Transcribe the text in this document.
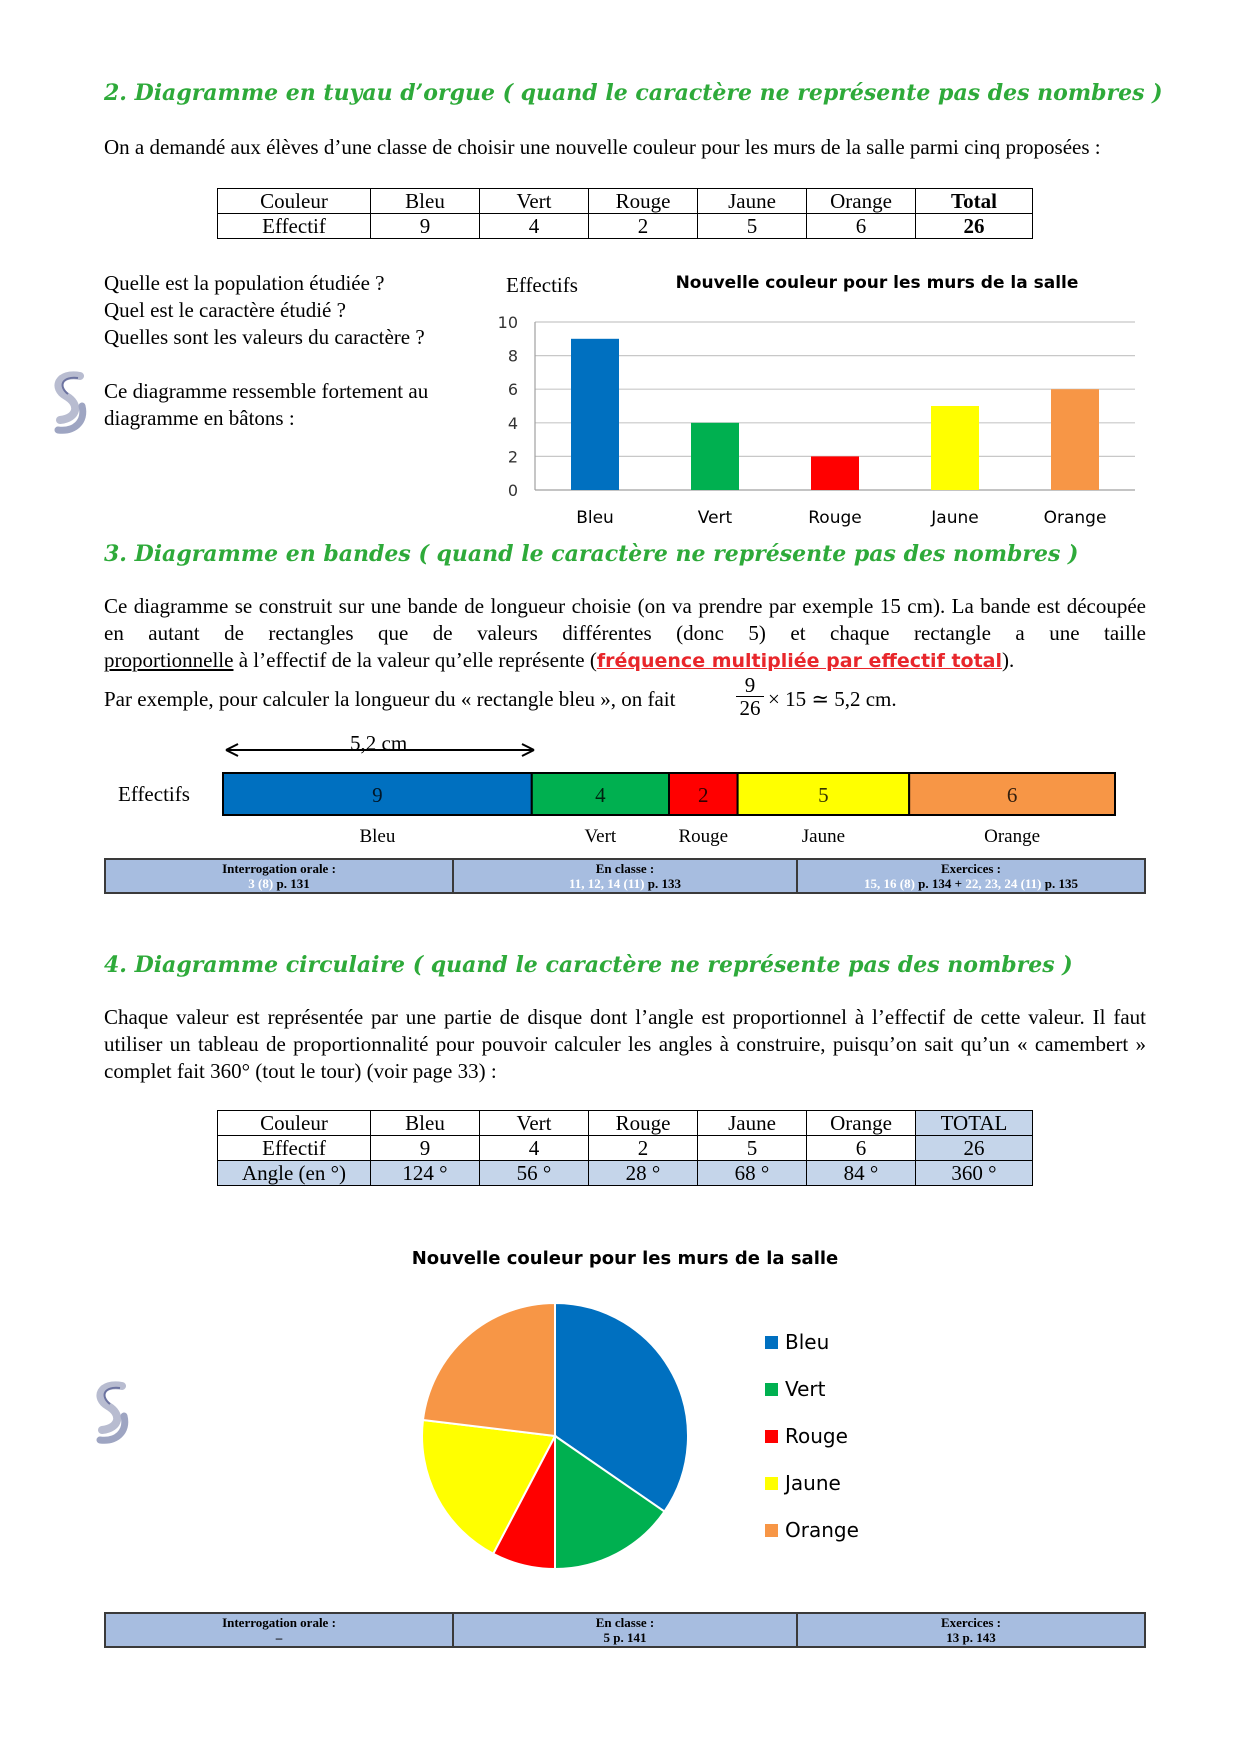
2. Diagramme en tuyau d’orgue ( quand le caractère ne représente pas des nombres )
On a demandé aux élèves d’une classe de choisir une nouvelle couleur pour les murs de la salle parmi cinq proposées :
Couleur	Bleu	Vert	Rouge	Jaune	Orange	Total
Effectif	9	4	2	5	6	26
Quelle est la population étudiée ?
Quel est le caractère étudié ?
Quelles sont les valeurs du caractère ?
Ce diagramme ressemble fortement au diagramme en bâtons :
Effectifs	Nouvelle couleur pour les murs de la salle
0
2
4
6
8
10
Bleu	Vert	Rouge	Jaune	Orange
3. Diagramme en bandes ( quand le caractère ne représente pas des nombres )
Ce diagramme se construit sur une bande de longueur choisie (on va prendre par exemple 15 cm). La bande est découpée en autant de rectangles que de valeurs différentes (donc 5) et chaque rectangle a une taille
proportionnelle à l’effectif de la valeur qu’elle représente (fréquence multipliée par effectif total).
Par exemple, pour calculer la longueur du « rectangle bleu », on fait
9
26 × 15 ≃ 5,2 cm.
5,2 cm
Effectifs	9
Bleu
4
Vert
2
Rouge
5
Jaune
6
Orange
Interrogation orale :
3 (8) p. 131

En classe :
11, 12, 14 (11) p. 133

Exercices :
15, 16 (8) p. 134 + 22, 23, 24 (11) p. 135
4. Diagramme circulaire ( quand le caractère ne représente pas des nombres )
Chaque valeur est représentée par une partie de disque dont l’angle est proportionnel à l’effectif de cette valeur. Il faut utiliser un tableau de proportionnalité pour pouvoir calculer les angles à construire, puisqu’on sait qu’un « camembert » complet fait 360° (tout le tour) (voir page 33) :
Couleur	Bleu	Vert	Rouge	Jaune	Orange	TOTAL
Effectif	9	4	2	5	6	26
Angle (en °)	124 °	56 °	28 °	68 °	84 °	360 °
Nouvelle couleur pour les murs de la salle
Bleu
Vert
Rouge
Jaune
Orange
Interrogation orale :
–

En classe :
5 p. 141

Exercices :
13 p. 143
